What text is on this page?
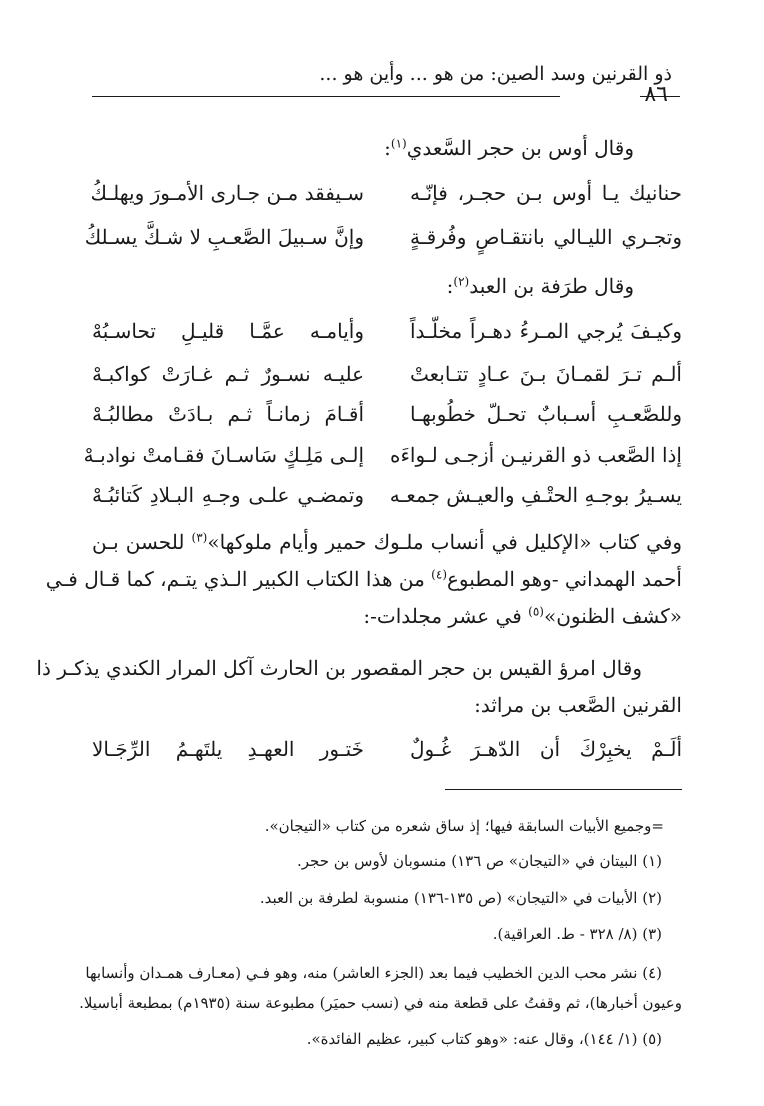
ذو القرنين وسد الصين: من هو ... وأين هو ...
٨٦
وقال أوس بن حجر السَّعدي$^{(١)}$:
حنانيك يـا أوس بـن حجـر، فإنّـه
سـيفقد مـن جـارى الأمـورَ ويهلـكُ
وتجـري الليـالي بانتقـاصٍ وفُرقـةٍ
وإنَّ سـبيلَ الصَّعـبِ لا شـكَّ يسـلكُ
وقال طرَفة بن العبد$^{(٢)}$:
وكيـفَ يُرجي المـرءُ دهـراً مخلّـداً
وأيامـه عمَّـا قليـلِ تحاسـبُهْ
ألـم تـرَ لقمـانَ بـنَ عـادٍ تتـابعتْ
عليـه نسـورٌ ثـم غـارَتْ كواكبـهْ
وللصَّعـبِ أسـبابٌ تحـلّ خطُوبهـا
أقـامَ زمانـاً ثـم بـادَتْ مطالبُـهْ
إذا الصَّعب ذو القرنيـن أزجـى لـواءَه
إلـى مَلِـكٍ سَاسـانَ فقـامتْ نوادبـهْ
يسـيرُ بوجـهِ الحتْـفِ والعيـش جمعـه
وتمضـي علـى وجـهِ البـلادِ كَتائبُـهْ
وفي كتاب «الإكليل في أنساب ملـوك حمير وأيام ملوكها»$^{(٣)}$ للحسن بـن
أحمد الهمداني -وهو المطبوع$^{(٤)}$ من هذا الكتاب الكبير الـذي يتـم، كما قـال فـي
«كشف الظنون»$^{(٥)}$ في عشر مجلدات-:
وقال امرؤ القيس بن حجر المقصور بن الحارث آكل المرار الكندي يذكـر ذا
القرنين الصَّعب بن مراثد:
ألَـمْ يخبِرْكَ أن الدّهـرَ غُـولٌ
خَتـور العهـدِ يلتَهـمُ الرِّجَـالا
=وجميع الأبيات السابقة فيها؛ إذ ساق شعره من كتاب «التيجان».
(١) البيتان في «التيجان» ص ١٣٦) منسوبان لأوس بن حجر.
(٢) الأبيات في «التيجان» (ص ١٣٥-١٣٦) منسوبة لطرفة بن العبد.
(٣) (٨/ ٣٢٨ - ط. العراقية).
(٤) نشر محب الدين الخطيب فيما بعد (الجزء العاشر) منه، وهو فـي (معـارف همـدان وأنسابها
وعيون أخبارها)، ثم وقفتُ على قطعة منه في (نسب حميَر) مطبوعة سنة (١٩٣٥م) بمطبعة أباسيلا.
(٥) (١/ ١٤٤)، وقال عنه: «وهو كتاب كبير، عظيم الفائدة».
